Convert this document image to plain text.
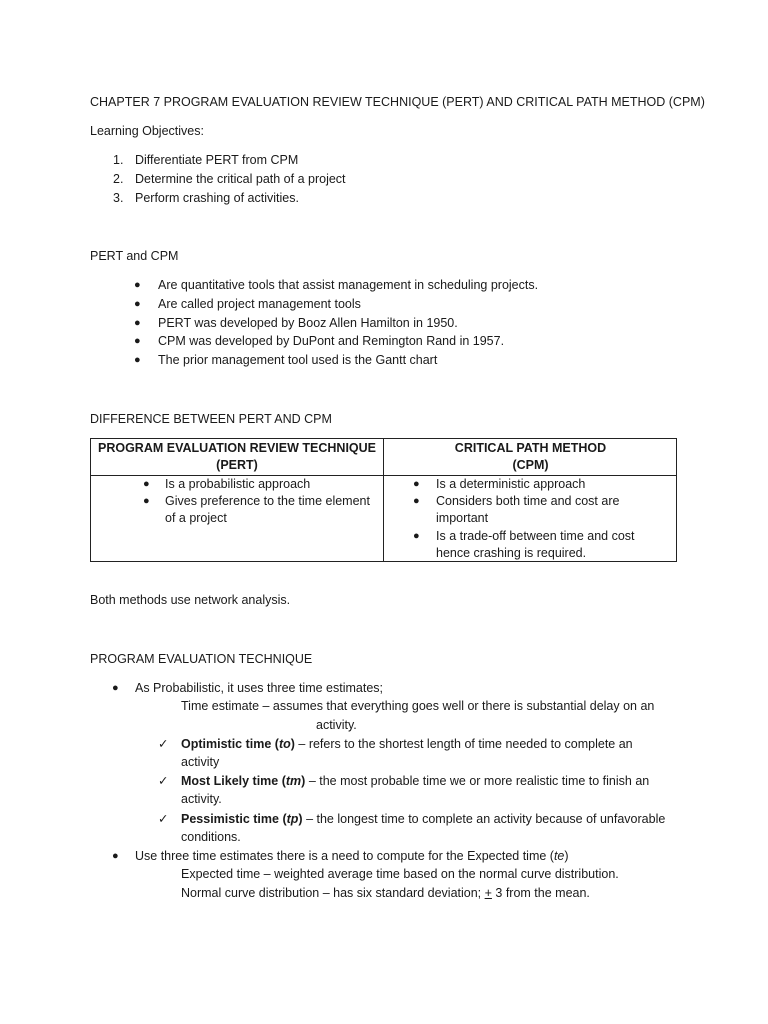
CHAPTER 7 PROGRAM EVALUATION REVIEW TECHNIQUE (PERT) AND CRITICAL PATH METHOD (CPM)
Learning Objectives:
1. Differentiate PERT from CPM
2. Determine the critical path of a project
3. Perform crashing of activities.
PERT and CPM
● Are quantitative tools that assist management in scheduling projects.
● Are called project management tools
● PERT was developed by Booz Allen Hamilton in 1950.
● CPM was developed by DuPont and Remington Rand in 1957.
● The prior management tool used is the Gantt chart
DIFFERENCE BETWEEN PERT AND CPM
PROGRAM EVALUATION REVIEW TECHNIQUE
(PERT)
CRITICAL PATH METHOD
(CPM)
● Is a probabilistic approach
● Gives preference to the time element
of a project
● Is a deterministic approach
● Considers both time and cost are
important
● Is a trade-off between time and cost
hence crashing is required.
Both methods use network analysis.
PROGRAM EVALUATION TECHNIQUE
● As Probabilistic, it uses three time estimates;
Time estimate – assumes that everything goes well or there is substantial delay on an
activity.
✓ Optimistic time (to) – refers to the shortest length of time needed to complete an
activity
✓ Most Likely time (tm) – the most probable time we or more realistic time to finish an
activity.
✓ Pessimistic time (tp) – the longest time to complete an activity because of unfavorable
conditions.
● Use three time estimates there is a need to compute for the Expected time (te)
Expected time – weighted average time based on the normal curve distribution.
Normal curve distribution – has six standard deviation; + 3 from the mean.
